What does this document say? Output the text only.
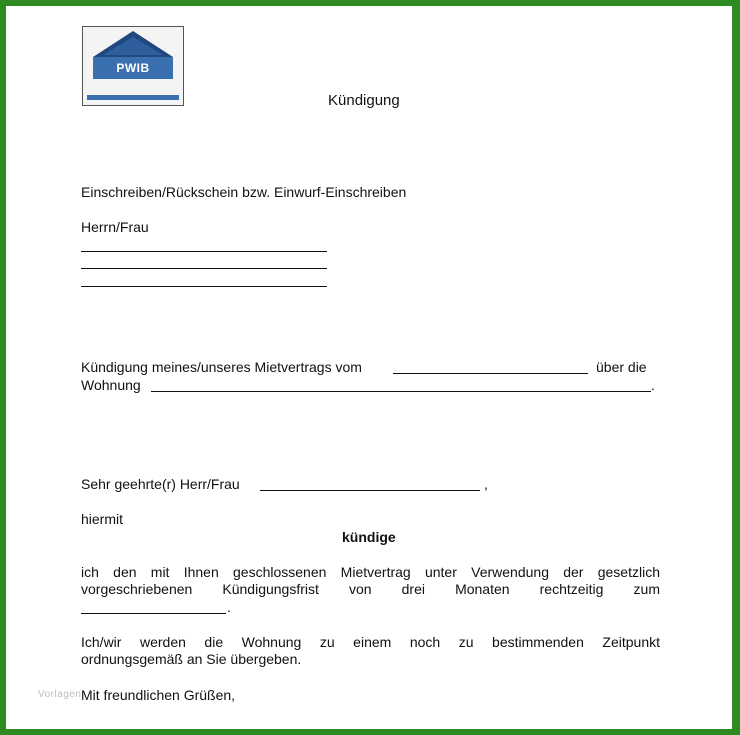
PWIB
Kündigung
Einschreiben/Rückschein bzw. Einwurf-Einschreiben
Herrn/Frau
Kündigung meines/unseres Mietvertrags vom	über die
Wohnung	.
Sehr geehrte(r) Herr/Frau	,
hiermit
kündige
ich den mit Ihnen geschlossenen Mietvertrag unter Verwendung der gesetzlich
vorgeschriebenen Kündigungsfrist von drei Monaten rechtzeitig zum
.
Ich/wir werden die Wohnung zu einem noch zu bestimmenden Zeitpunkt
ordnungsgemäß an Sie übergeben.
Mit freundlichen Grüßen,
Vorlagen
